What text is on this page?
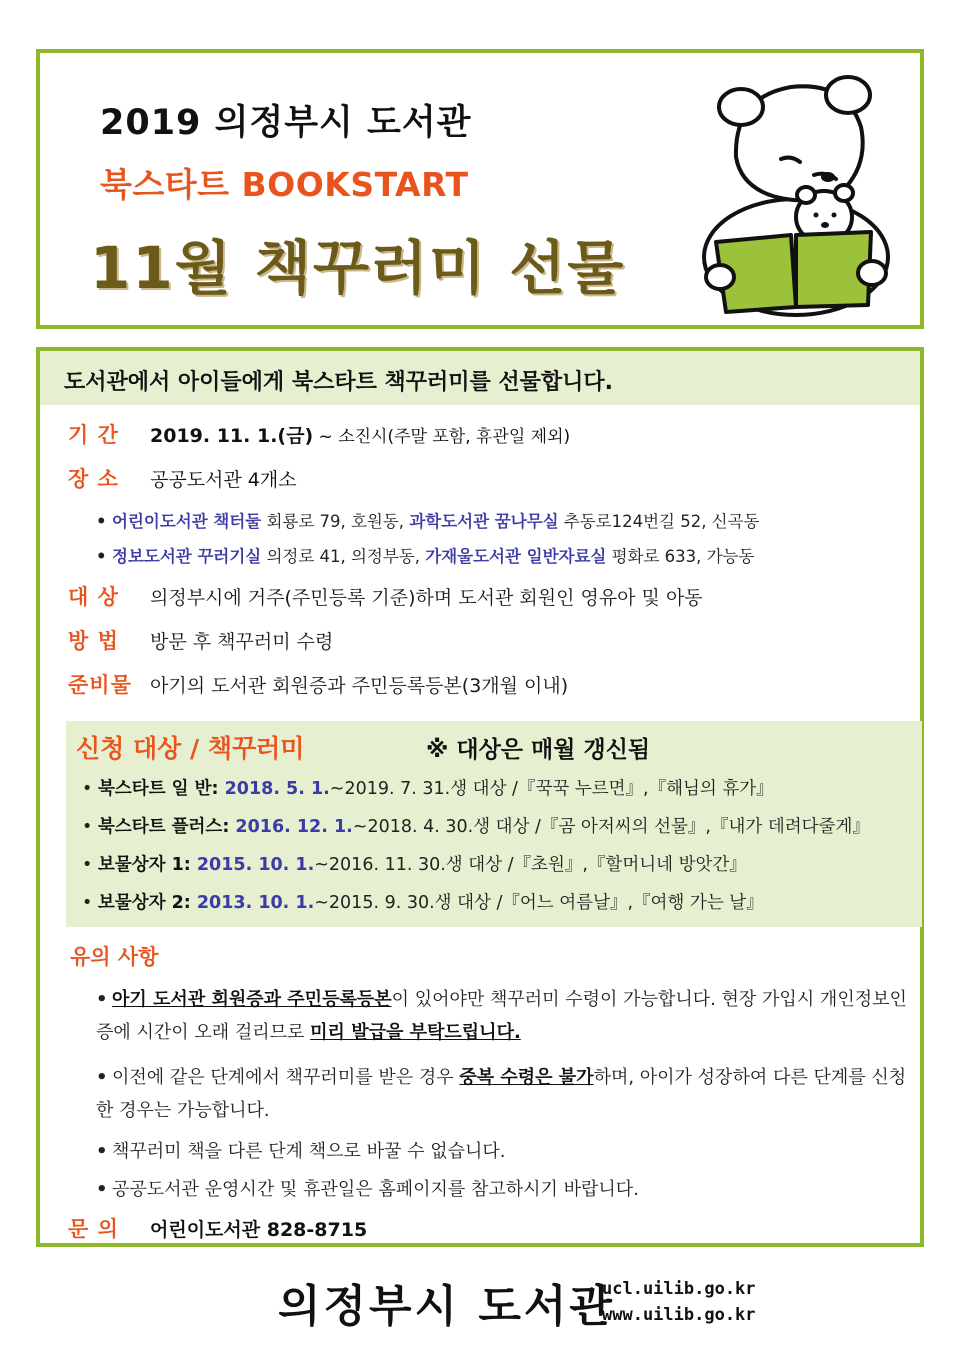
2019 의정부시 도서관
북스타트 BOOKSTART
11월 책꾸러미 선물
도서관에서 아이들에게 북스타트 책꾸러미를 선물합니다.
기 간 2019. 11. 1.(금) ~ 소진시(주말 포함, 휴관일 제외)
장 소 공공도서관 4개소
• 어린이도서관 책터둘 회룡로 79, 호원동, 과학도서관 꿈나무실 추동로124번길 52, 신곡동
• 정보도서관 꾸러기실 의정로 41, 의정부동, 가재울도서관 일반자료실 평화로 633, 가능동
대 상 의정부시에 거주(주민등록 기준)하며 도서관 회원인 영유아 및 아동
방 법 방문 후 책꾸러미 수령
준비물 아기의 도서관 회원증과 주민등록등본(3개월 이내)
신청 대상 / 책꾸러미	※ 대상은 매월 갱신됨
• 북스타트 일 반: 2018. 5. 1.~2019. 7. 31.생 대상 /『꾹꾹 누르면』,『해님의 휴가』
• 북스타트 플러스: 2016. 12. 1.~2018. 4. 30.생 대상 /『곰 아저씨의 선물』,『내가 데려다줄게』
• 보물상자 1: 2015. 10. 1.~2016. 11. 30.생 대상 /『초원』,『할머니네 방앗간』
• 보물상자 2: 2013. 10. 1.~2015. 9. 30.생 대상 /『어느 여름날』,『여행 가는 날』
유의 사항
• 아기 도서관 회원증과 주민등록등본이 있어야만 책꾸러미 수령이 가능합니다. 현장 가입시 개인정보인증에 시간이 오래 걸리므로 미리 발급을 부탁드립니다.
• 이전에 같은 단계에서 책꾸러미를 받은 경우 중복 수령은 불가하며, 아이가 성장하여 다른 단계를 신청한 경우는 가능합니다.
• 책꾸러미 책을 다른 단계 책으로 바꿀 수 없습니다.
• 공공도서관 운영시간 및 휴관일은 홈페이지를 참고하시기 바랍니다.
문 의 어린이도서관 828-8715
의정부시 도서관
ucl.uilib.go.kr
www.uilib.go.kr
